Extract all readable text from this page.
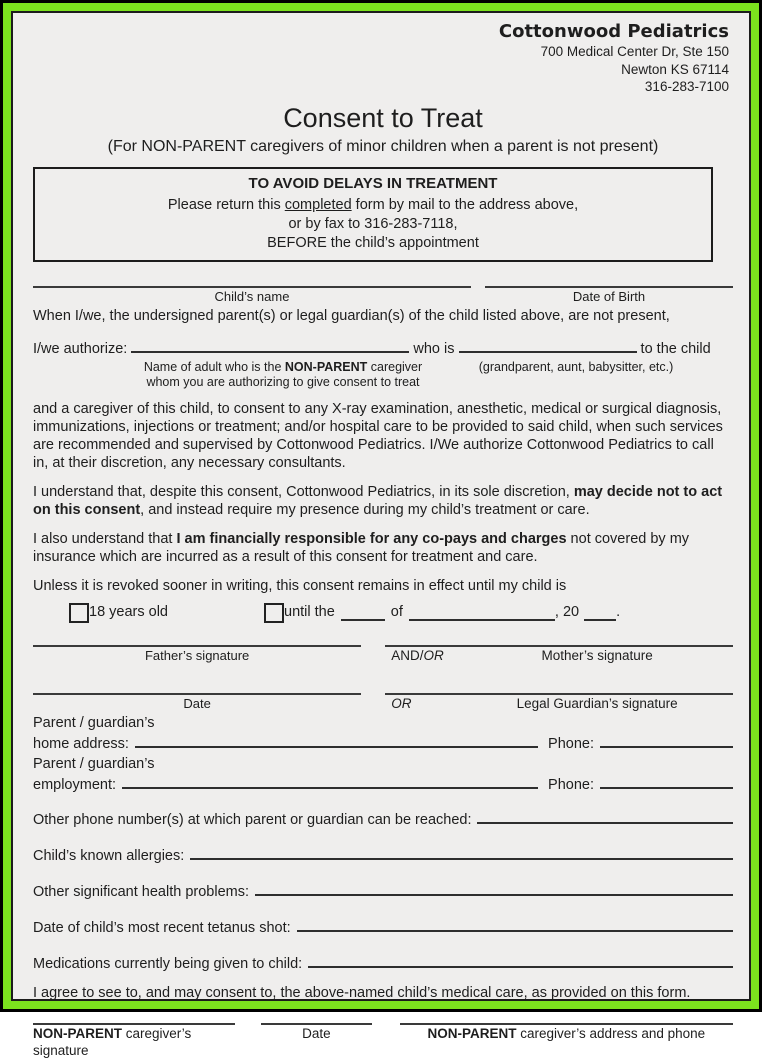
Cottonwood Pediatrics
700 Medical Center Dr, Ste 150
Newton KS 67114
316-283-7100
Consent to Treat
(For NON-PARENT caregivers of minor children when a parent is not present)
TO AVOID DELAYS IN TREATMENT
Please return this completed form by mail to the address above,
or by fax to 316-283-7118,
BEFORE the child’s appointment
Child’s name	Date of Birth
When I/we, the undersigned parent(s) or legal guardian(s) of the child listed above, are not present,
I/we authorize:	who is	to the child
Name of adult who is the NON-PARENT caregiver
whom you are authorizing to give consent to treat
(grandparent, aunt, babysitter, etc.)
and a caregiver of this child, to consent to any X-ray examination, anesthetic, medical or surgical diagnosis, immunizations, injections or treatment; and/or hospital care to be provided to said child, when such services are recommended and supervised by Cottonwood Pediatrics. I/We authorize Cottonwood Pediatrics to call in, at their discretion, any necessary consultants.
I understand that, despite this consent, Cottonwood Pediatrics, in its sole discretion, may decide not to act on this consent, and instead require my presence during my child’s treatment or care.
I also understand that I am financially responsible for any co-pays and charges not covered by my insurance which are incurred as a result of this consent for treatment and care.
Unless it is revoked sooner in writing, this consent remains in effect until my child is
18 years old	until the	of	, 20	.
Father’s signature	AND/OR	Mother’s signature
Date	OR	Legal Guardian’s signature
Parent / guardian’s
home address:	Phone:
Parent / guardian’s
employment:	Phone:
Other phone number(s) at which parent or guardian can be reached:
Child’s known allergies:
Other significant health problems:
Date of child’s most recent tetanus shot:
Medications currently being given to child:
I agree to see to, and may consent to, the above-named child’s medical care, as provided on this form.
NON-PARENT caregiver’s signature
Date	NON-PARENT caregiver’s address and phone
